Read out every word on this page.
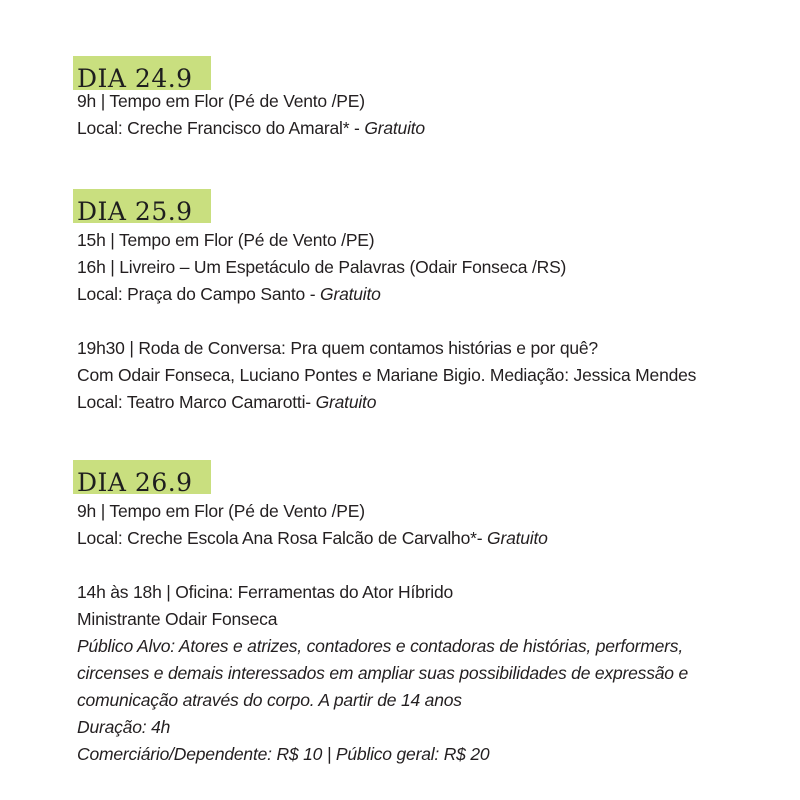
DIA 24.9
9h | Tempo em Flor (Pé de Vento /PE)
Local: Creche Francisco do Amaral* - Gratuito
DIA 25.9
15h | Tempo em Flor (Pé de Vento /PE)
16h | Livreiro – Um Espetáculo de Palavras (Odair Fonseca /RS)
Local: Praça do Campo Santo - Gratuito
19h30 | Roda de Conversa: Pra quem contamos histórias e por quê?
Com Odair Fonseca, Luciano Pontes e Mariane Bigio. Mediação: Jessica Mendes
Local: Teatro Marco Camarotti- Gratuito
DIA 26.9
9h | Tempo em Flor (Pé de Vento /PE)
Local: Creche Escola Ana Rosa Falcão de Carvalho*- Gratuito
14h às 18h | Oficina: Ferramentas do Ator Híbrido
Ministrante Odair Fonseca
Público Alvo: Atores e atrizes, contadores e contadoras de histórias, performers,
circenses e demais interessados em ampliar suas possibilidades de expressão e
comunicação através do corpo. A partir de 14 anos
Duração: 4h
Comerciário/Dependente: R$ 10 | Público geral: R$ 20
